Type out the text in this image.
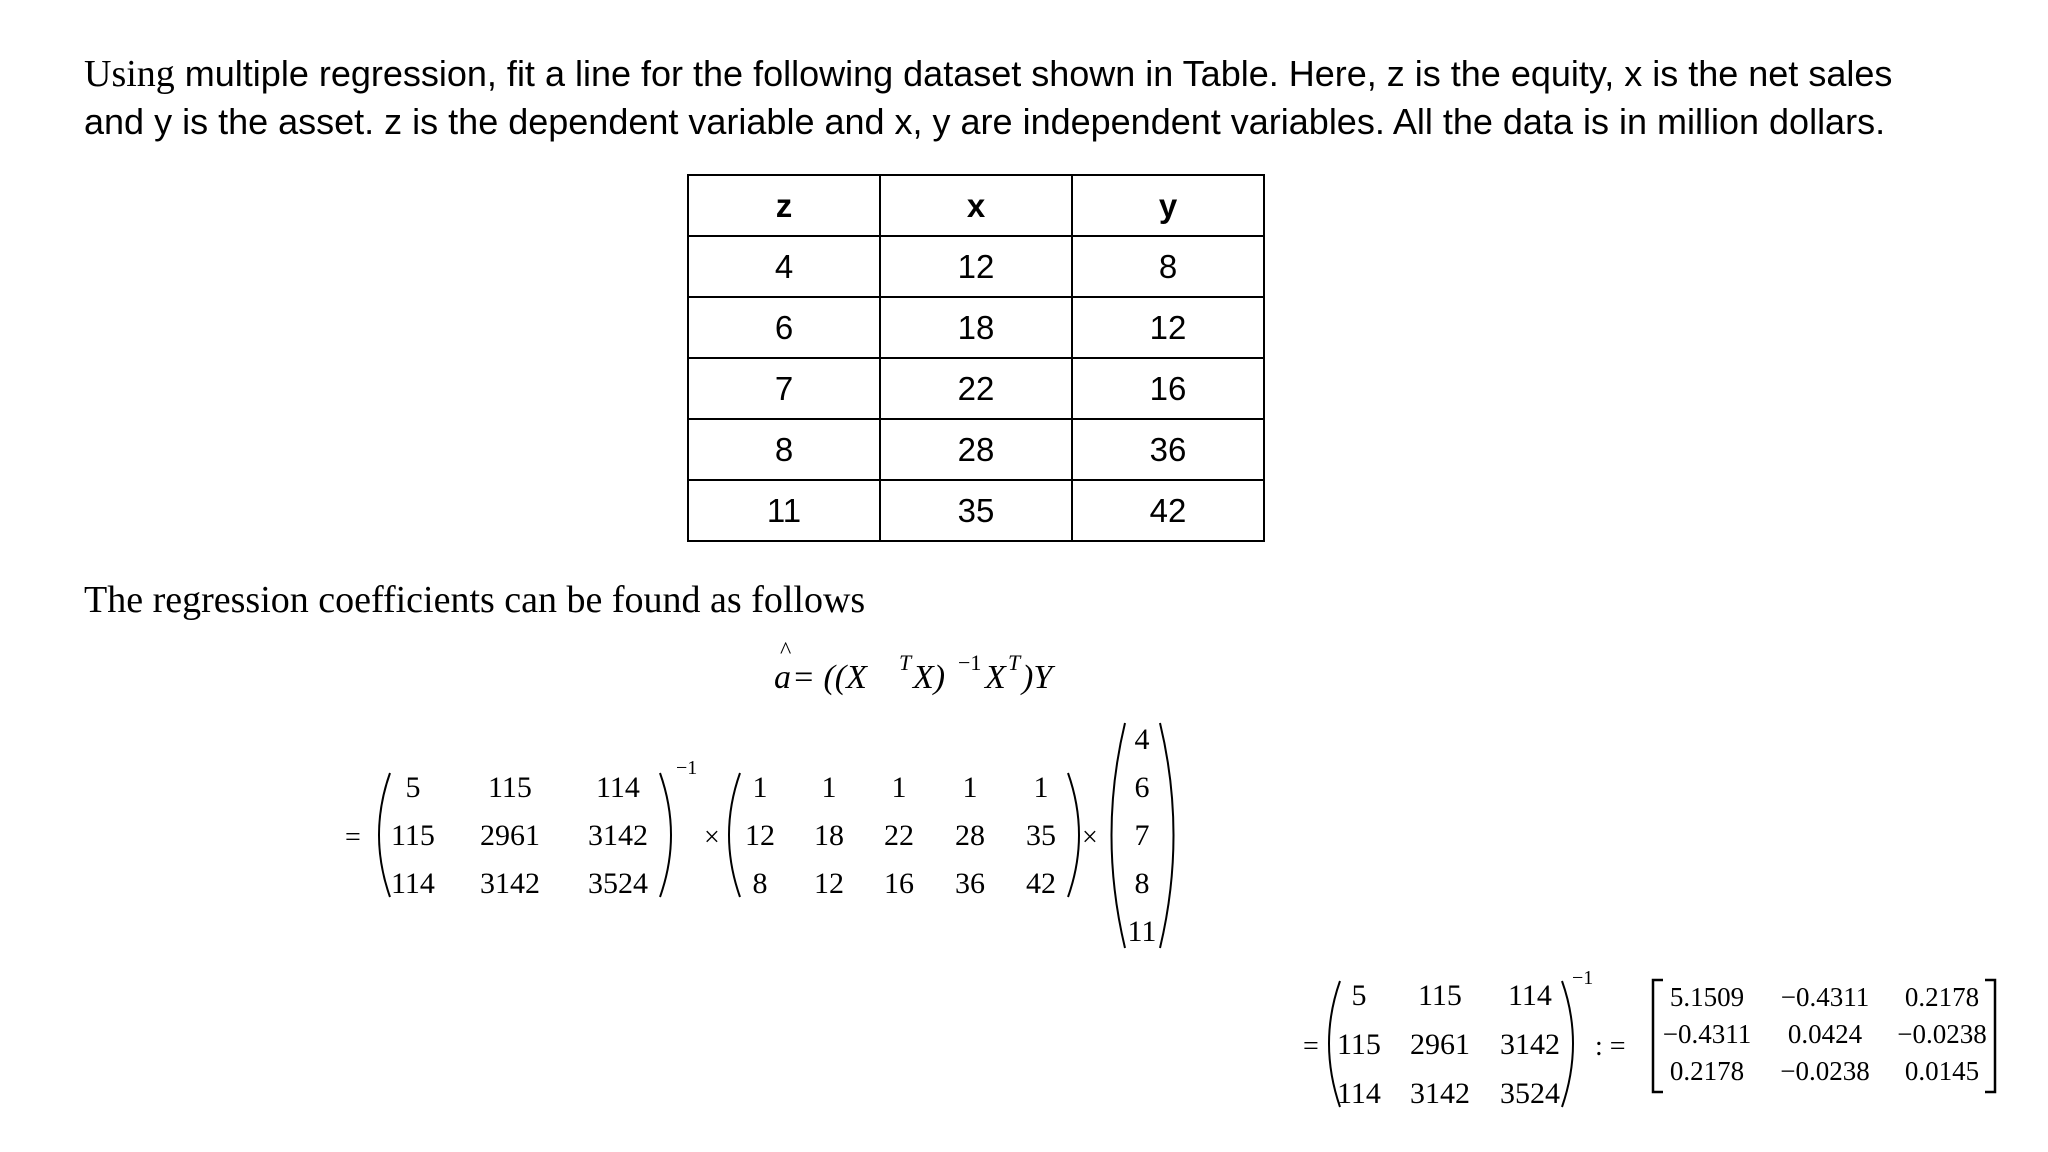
Using multiple regression, fit a line for the following dataset shown in Table. Here, z is the equity, x is the net sales
and y is the asset. z is the dependent variable and x, y are independent variables. All the data is in million dollars.
z	x	y
4	12	8
6	18	12
7	22	16
8	28	36
11	35	42
The regression coefficients can be found as follows
^
a = ((X T X) −1 X T )Y
=
5 115 114
115 2961 3142
114 3142 3524
−1
×
1 1 1 1 1
12 18 22 28 35
8 12 16 36 42
×
4
6
7
8
11
=
5 115 114
115 2961 3142
114 3142 3524
−1
: =
5.1509 −0.4311 0.2178
−0.4311 0.0424 −0.0238
0.2178 −0.0238 0.0145
